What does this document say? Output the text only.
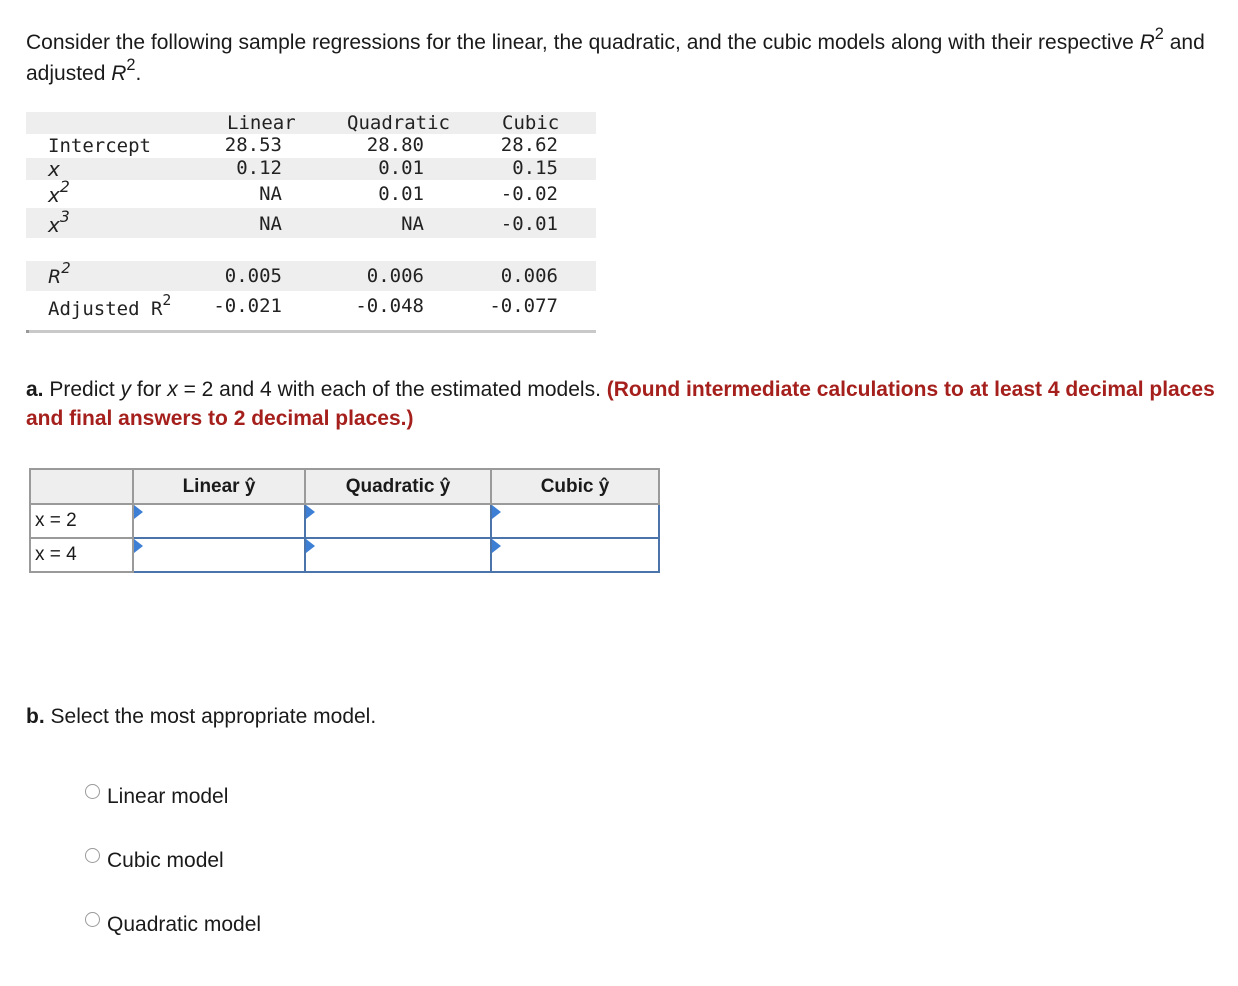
Consider the following sample regressions for the linear, the quadratic, and the cubic models along with their respective $R^2$ and adjusted $R^2$.
Linear	Quadratic	Cubic
Intercept	28.53	28.80	28.62
x	0.12	0.01	0.15
$x^2$	NA	0.01	-0.02
$x^3$	NA	NA	-0.01
$R^2$	0.005	0.006	0.006
Adjusted $R^2$ -0.021	-0.048	-0.077
a. Predict y for x = 2 and 4 with each of the estimated models. (Round intermediate calculations to at least 4 decimal places and final answers to 2 decimal places.)
	Linear ŷ	Quadratic ŷ	Cubic ŷ
x = 2	

x = 4	

b. Select the most appropriate model.
Linear model
Cubic model
Quadratic model
